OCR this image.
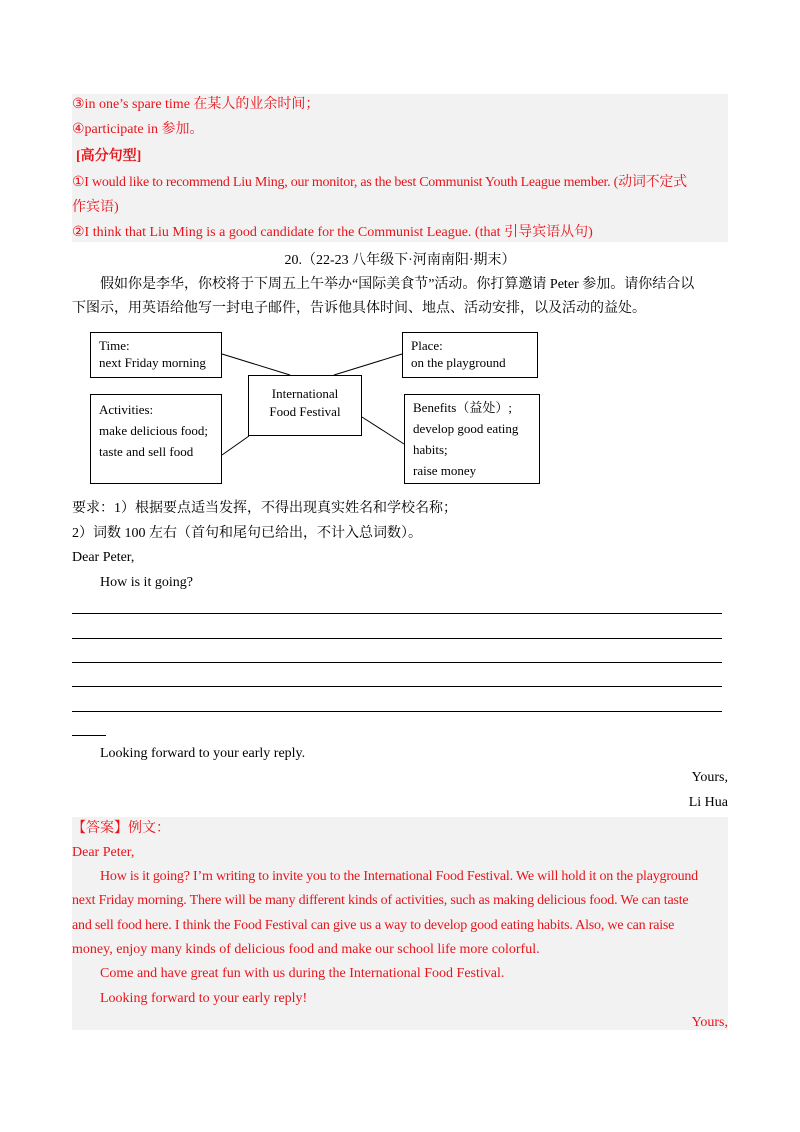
③in one’s spare time 在某人的业余时间；
④participate in 参加。
[高分句型]
①I would like to recommend Liu Ming, our monitor, as the best Communist Youth League member. (动词不定式
作宾语)
②I think that Liu Ming is a good candidate for the Communist League. (that 引导宾语从句)
20.（22-23 八年级下·河南南阳·期末）
假如你是李华，你校将于下周五上午举办“国际美食节”活动。你打算邀请 Peter 参加。请你结合以
下图示，用英语给他写一封电子邮件，告诉他具体时间、地点、活动安排，以及活动的益处。
Time:
next Friday morning
Place:
on the playground
International
Food Festival
Activities:
make delicious food;
taste and sell food
Benefits（益处）;
develop good eating
habits;
raise money
要求：1）根据要点适当发挥，不得出现真实姓名和学校名称；
2）词数 100 左右（首句和尾句已给出，不计入总词数）。
Dear Peter,
How is it going?
Looking forward to your early reply.
Yours,
Li Hua
【答案】例文：
Dear Peter,
How is it going? I’m writing to invite you to the International Food Festival. We will hold it on the playground
next Friday morning. There will be many different kinds of activities, such as making delicious food. We can taste
and sell food here. I think the Food Festival can give us a way to develop good eating habits. Also, we can raise
money, enjoy many kinds of delicious food and make our school life more colorful.
Come and have great fun with us during the International Food Festival.
Looking forward to your early reply!
Yours,
